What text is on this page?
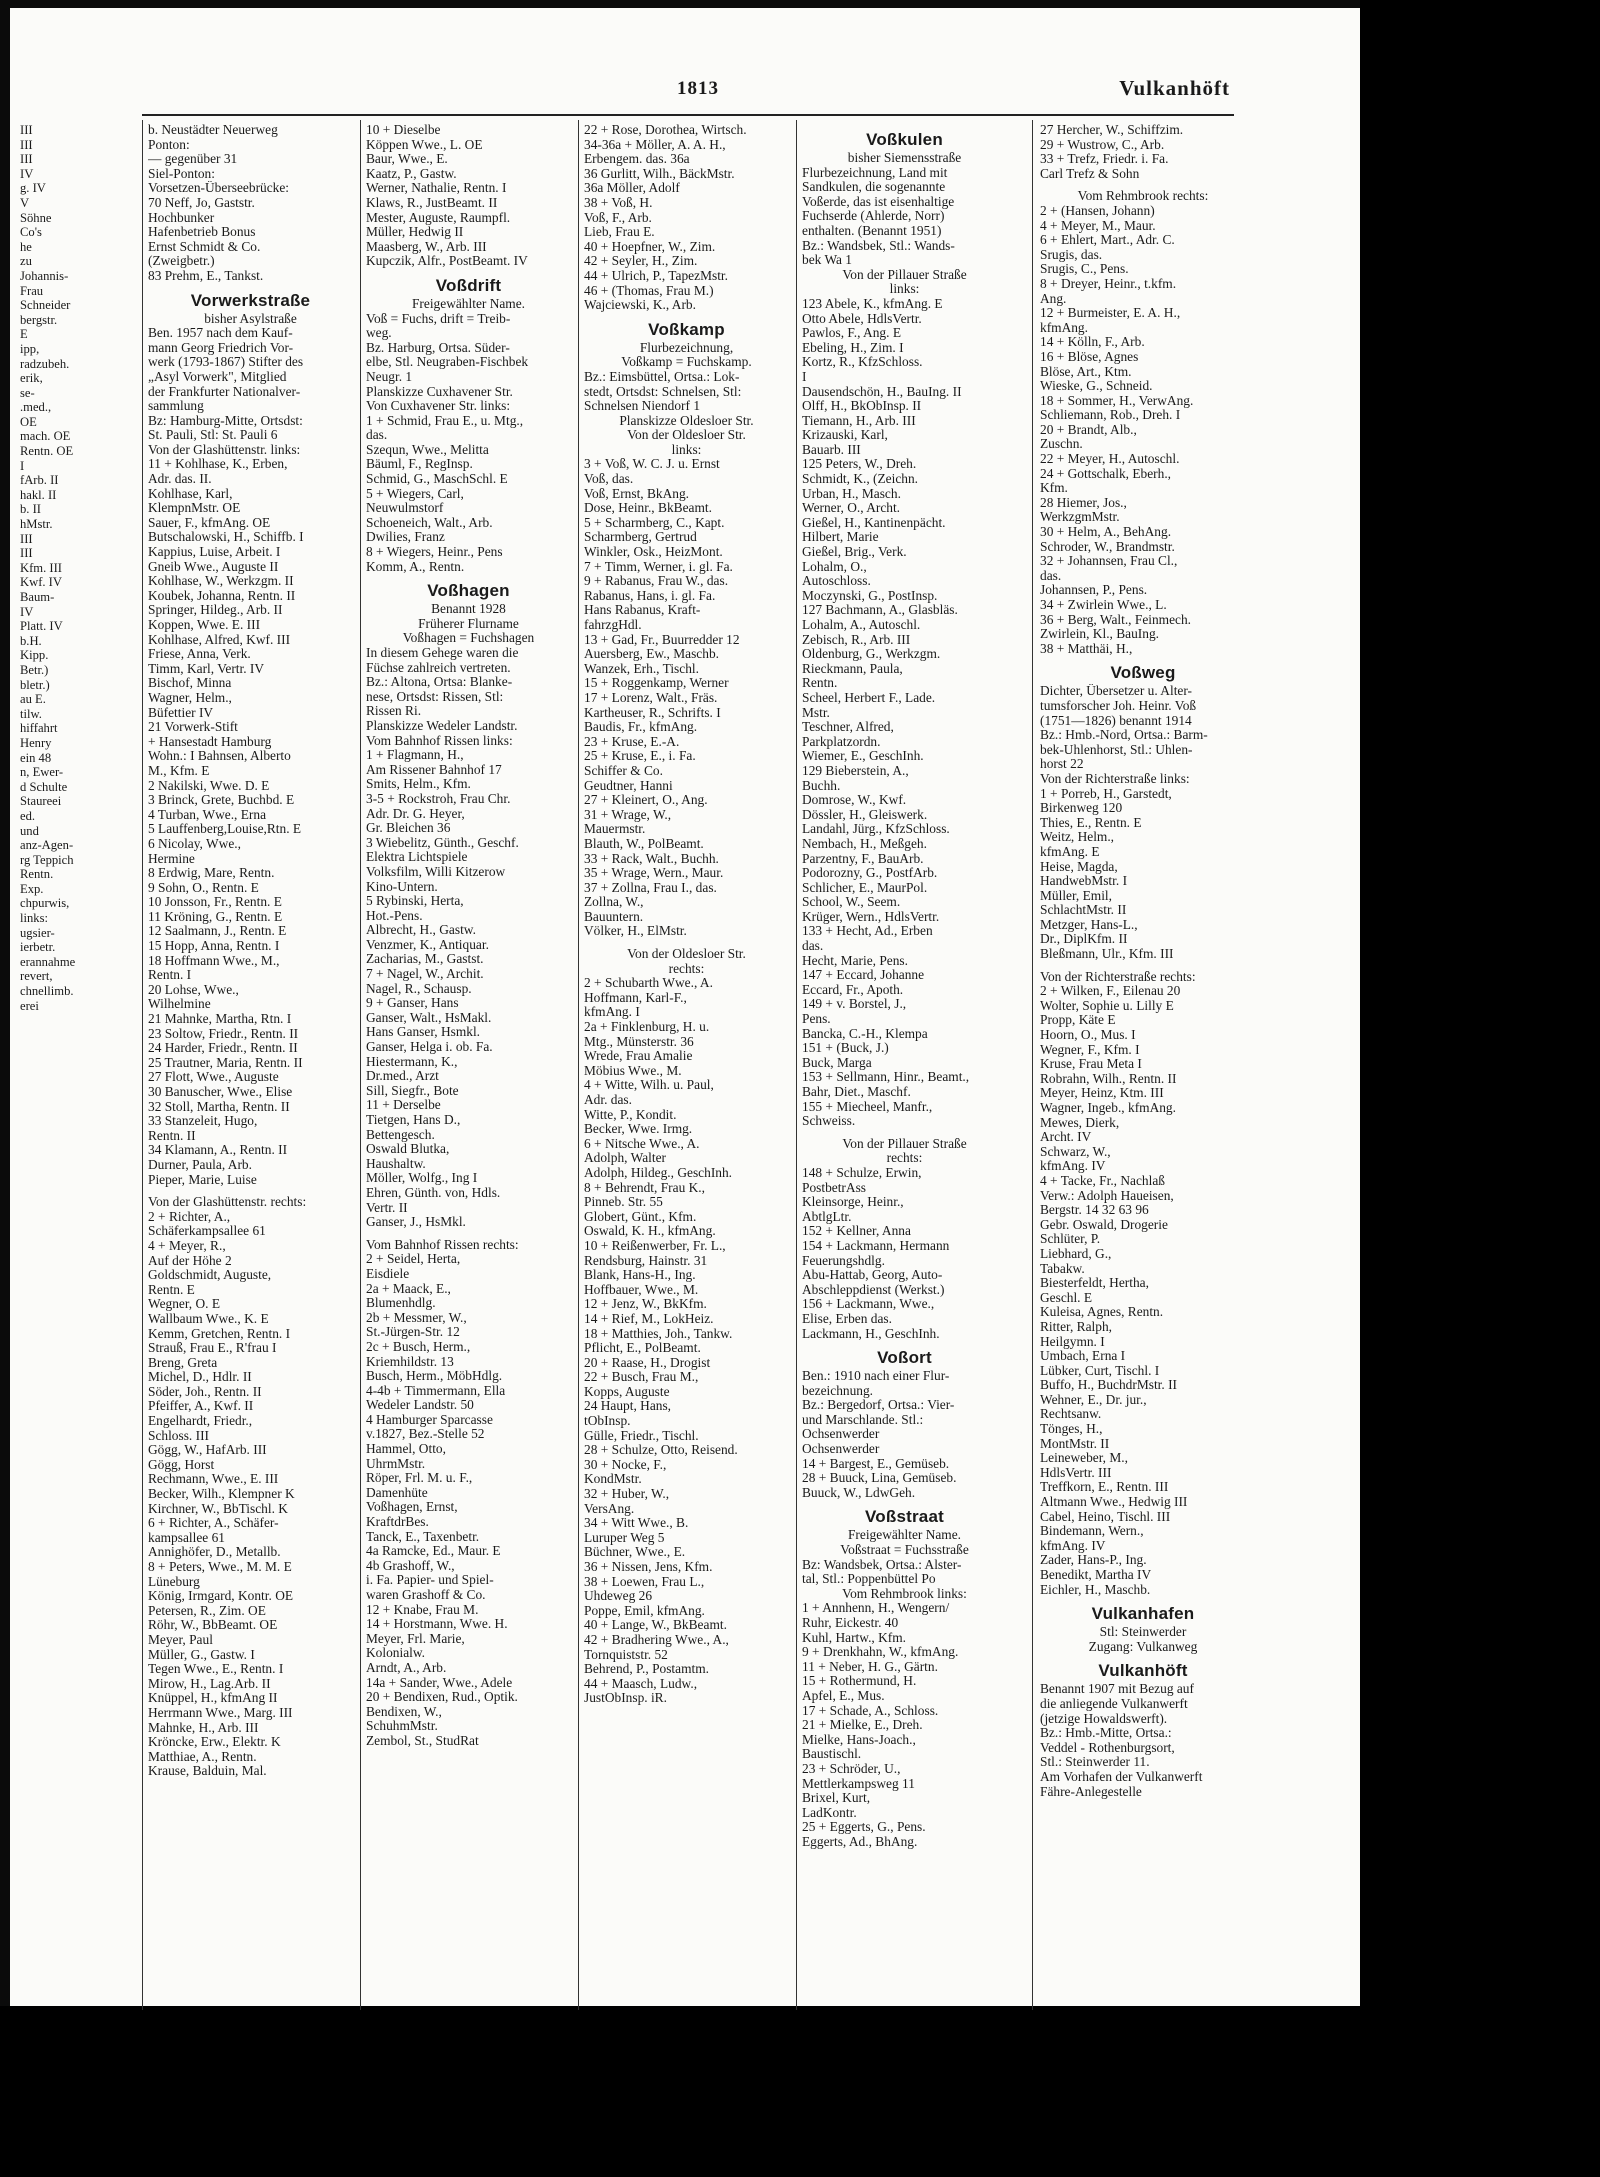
1813	Vulkanhöft
III
III
III
IV
g. IV
V
Söhne
Co's
he
zu
Johannis-
Frau
Schneider
bergstr.
E
ipp,
radzubeh.
erik,
se-
.med.,
OE
mach. OE
Rentn. OE
I
fArb. II
hakl. II
b. II
hMstr.
III
III
Kfm. III
Kwf. IV
Baum-
IV
Platt. IV
b.H.
Kipp.
Betr.)
bletr.)
au E.
tilw.
hiffahrt
Henry
ein 48
n, Ewer-
d Schulte
Staureei
ed.
und
anz-Agen-
rg Teppich
Rentn.
Exp.
chpurwis,
links:
ugsier-
ierbetr.
erannahme
revert,
chnellimb.
erei
b. Neustädter Neuerweg
Ponton:
— gegenüber 31
Siel-Ponton:
Vorsetzen-Überseebrücke:
70 Neff, Jo, Gaststr.
Hochbunker
Hafenbetrieb Bonus
Ernst Schmidt & Co.
(Zweigbetr.)
83 Prehm, E., Tankst.
Vorwerkstraße
bisher Asylstraße
Ben. 1957 nach dem Kauf-
mann Georg Friedrich Vor-
werk (1793-1867) Stifter des
„Asyl Vorwerk", Mitglied
der Frankfurter Nationalver-
sammlung
Bz: Hamburg-Mitte, Ortsdst:
St. Pauli, Stl: St. Pauli 6
Von der Glashüttenstr. links:
11 + Kohlhase, K., Erben,
Adr. das. II.
Kohlhase, Karl,
KlempnMstr. OE
Sauer, F., kfmAng. OE
Butschalowski, H., Schiffb. I
Kappius, Luise, Arbeit. I
Gneib Wwe., Auguste II
Kohlhase, W., Werkzgm. II
Koubek, Johanna, Rentn. II
Springer, Hildeg., Arb. II
Koppen, Wwe. E. III
Kohlhase, Alfred, Kwf. III
Friese, Anna, Verk.
Timm, Karl, Vertr. IV
Bischof, Minna
Wagner, Helm.,
Büfettier IV
21 Vorwerk-Stift
+ Hansestadt Hamburg
Wohn.: I Bahnsen, Alberto
M., Kfm. E
2 Nakilski, Wwe. D. E
3 Brinck, Grete, Buchbd. E
4 Turban, Wwe., Erna
5 Lauffenberg,Louise,Rtn. E
6 Nicolay, Wwe.,
Hermine
8 Erdwig, Mare, Rentn.
9 Sohn, O., Rentn. E
10 Jonsson, Fr., Rentn. E
11 Kröning, G., Rentn. E
12 Saalmann, J., Rentn. E
15 Hopp, Anna, Rentn. I
18 Hoffmann Wwe., M.,
Rentn. I
20 Lohse, Wwe.,
Wilhelmine
21 Mahnke, Martha, Rtn. I
23 Soltow, Friedr., Rentn. II
24 Harder, Friedr., Rentn. II
25 Trautner, Maria, Rentn. II
27 Flott, Wwe., Auguste
30 Banuscher, Wwe., Elise
32 Stoll, Martha, Rentn. II
33 Stanzeleit, Hugo,
Rentn. II
34 Klamann, A., Rentn. II
Durner, Paula, Arb.
Pieper, Marie, Luise
Von der Glashüttenstr. rechts:
2 + Richter, A.,
Schäferkampsallee 61
4 + Meyer, R.,
Auf der Höhe 2
Goldschmidt, Auguste,
Rentn. E
Wegner, O. E
Wallbaum Wwe., K. E
Kemm, Gretchen, Rentn. I
Strauß, Frau E., R'frau I
Breng, Greta
Michel, D., Hdlr. II
Söder, Joh., Rentn. II
Pfeiffer, A., Kwf. II
Engelhardt, Friedr.,
Schloss. III
Gögg, W., HafArb. III
Gögg, Horst
Rechmann, Wwe., E. III
Becker, Wilh., Klempner K
Kirchner, W., BbTischl. K
6 + Richter, A., Schäfer-
kampsallee 61
Annighöfer, D., Metallb.
8 + Peters, Wwe., M. M. E
Lüneburg
König, Irmgard, Kontr. OE
Petersen, R., Zim. OE
Röhr, W., BbBeamt. OE
Meyer, Paul
Müller, G., Gastw. I
Tegen Wwe., E., Rentn. I
Mirow, H., Lag.Arb. II
Knüppel, H., kfmAng II
Herrmann Wwe., Marg. III
Mahnke, H., Arb. III
Kröncke, Erw., Elektr. K
Matthiae, A., Rentn.
Krause, Balduin, Mal.
10 + Dieselbe
Köppen Wwe., L. OE
Baur, Wwe., E.
Kaatz, P., Gastw.
Werner, Nathalie, Rentn. I
Klaws, R., JustBeamt. II
Mester, Auguste, Raumpfl.
Müller, Hedwig II
Maasberg, W., Arb. III
Kupczik, Alfr., PostBeamt. IV
Voßdrift
Freigewählter Name.
Voß = Fuchs, drift = Treib-
weg.
Bz. Harburg, Ortsa. Süder-
elbe, Stl. Neugraben-Fischbek
Neugr. 1
Planskizze Cuxhavener Str.
Von Cuxhavener Str. links:
1 + Schmid, Frau E., u. Mtg.,
das.
Szequn, Wwe., Melitta
Bäuml, F., RegInsp.
Schmid, G., MaschSchl. E
5 + Wiegers, Carl,
Neuwulmstorf
Schoeneich, Walt., Arb.
Dwilies, Franz
8 + Wiegers, Heinr., Pens
Komm, A., Rentn.
Voßhagen
Benannt 1928
Früherer Flurname
Voßhagen = Fuchshagen
In diesem Gehege waren die
Füchse zahlreich vertreten.
Bz.: Altona, Ortsa: Blanke-
nese, Ortsdst: Rissen, Stl:
Rissen Ri.
Planskizze Wedeler Landstr.
Vom Bahnhof Rissen links:
1 + Flagmann, H.,
Am Rissener Bahnhof 17
Smits, Helm., Kfm.
3-5 + Rockstroh, Frau Chr.
Adr. Dr. G. Heyer,
Gr. Bleichen 36
3 Wiebelitz, Günth., Geschf.
Elektra Lichtspiele
Volksfilm, Willi Kitzerow
Kino-Untern.
5 Rybinski, Herta,
Hot.-Pens.
Albrecht, H., Gastw.
Venzmer, K., Antiquar.
Zacharias, M., Gastst.
7 + Nagel, W., Archit.
Nagel, R., Schausp.
9 + Ganser, Hans
Ganser, Walt., HsMakl.
Hans Ganser, Hsmkl.
Ganser, Helga i. ob. Fa.
Hiestermann, K.,
Dr.med., Arzt
Sill, Siegfr., Bote
11 + Derselbe
Tietgen, Hans D.,
Bettengesch.
Oswald Blutka,
Haushaltw.
Möller, Wolfg., Ing I
Ehren, Günth. von, Hdls.
Vertr. II
Ganser, J., HsMkl.
Vom Bahnhof Rissen rechts:
2 + Seidel, Herta,
Eisdiele
2a + Maack, E.,
Blumenhdlg.
2b + Messmer, W.,
St.-Jürgen-Str. 12
2c + Busch, Herm.,
Kriemhildstr. 13
Busch, Herm., MöbHdlg.
4-4b + Timmermann, Ella
Wedeler Landstr. 50
4 Hamburger Sparcasse
v.1827, Bez.-Stelle 52
Hammel, Otto,
UhrmMstr.
Röper, Frl. M. u. F.,
Damenhüte
Voßhagen, Ernst,
KraftdrBes.
Tanck, E., Taxenbetr.
4a Ramcke, Ed., Maur. E
4b Grashoff, W.,
i. Fa. Papier- und Spiel-
waren Grashoff & Co.
12 + Knabe, Frau M.
14 + Horstmann, Wwe. H.
Meyer, Frl. Marie,
Kolonialw.
Arndt, A., Arb.
14a + Sander, Wwe., Adele
20 + Bendixen, Rud., Optik.
Bendixen, W.,
SchuhmMstr.
Zembol, St., StudRat
22 + Rose, Dorothea, Wirtsch.
34-36a + Möller, A. A. H.,
Erbengem. das. 36a
36 Gurlitt, Wilh., BäckMstr.
36a Möller, Adolf
38 + Voß, H.
Voß, F., Arb.
Lieb, Frau E.
40 + Hoepfner, W., Zim.
42 + Seyler, H., Zim.
44 + Ulrich, P., TapezMstr.
46 + (Thomas, Frau M.)
Wajciewski, K., Arb.
Voßkamp
Flurbezeichnung,
Voßkamp = Fuchskamp.
Bz.: Eimsbüttel, Ortsa.: Lok-
stedt, Ortsdst: Schnelsen, Stl:
Schnelsen Niendorf 1
Planskizze Oldesloer Str.
Von der Oldesloer Str.
links:
3 + Voß, W. C. J. u. Ernst
Voß, das.
Voß, Ernst, BkAng.
Dose, Heinr., BkBeamt.
5 + Scharmberg, C., Kapt.
Scharmberg, Gertrud
Winkler, Osk., HeizMont.
7 + Timm, Werner, i. gl. Fa.
9 + Rabanus, Frau W., das.
Rabanus, Hans, i. gl. Fa.
Hans Rabanus, Kraft-
fahrzgHdl.
13 + Gad, Fr., Buurredder 12
Auersberg, Ew., Maschb.
Wanzek, Erh., Tischl.
15 + Roggenkamp, Werner
17 + Lorenz, Walt., Fräs.
Kartheuser, R., Schrifts. I
Baudis, Fr., kfmAng.
23 + Kruse, E.-A.
25 + Kruse, E., i. Fa.
Schiffer & Co.
Geudtner, Hanni
27 + Kleinert, O., Ang.
31 + Wrage, W.,
Mauermstr.
Blauth, W., PolBeamt.
33 + Rack, Walt., Buchh.
35 + Wrage, Wern., Maur.
37 + Zollna, Frau I., das.
Zollna, W.,
Bauuntern.
Völker, H., ElMstr.
Von der Oldesloer Str.
rechts:
2 + Schubarth Wwe., A.
Hoffmann, Karl-F.,
kfmAng. I
2a + Finklenburg, H. u.
Mtg., Münsterstr. 36
Wrede, Frau Amalie
Möbius Wwe., M.
4 + Witte, Wilh. u. Paul,
Adr. das.
Witte, P., Kondit.
Becker, Wwe. Irmg.
6 + Nitsche Wwe., A.
Adolph, Walter
Adolph, Hildeg., GeschInh.
8 + Behrendt, Frau K.,
Pinneb. Str. 55
Globert, Günt., Kfm.
Oswald, K. H., kfmAng.
10 + Reißenwerber, Fr. L.,
Rendsburg, Hainstr. 31
Blank, Hans-H., Ing.
Hoffbauer, Wwe., M.
12 + Jenz, W., BkKfm.
14 + Rief, M., LokHeiz.
18 + Matthies, Joh., Tankw.
Pflicht, E., PolBeamt.
20 + Raase, H., Drogist
22 + Busch, Frau M.,
Kopps, Auguste
24 Haupt, Hans,
tObInsp.
Gülle, Friedr., Tischl.
28 + Schulze, Otto, Reisend.
30 + Nocke, F.,
KondMstr.
32 + Huber, W.,
VersAng.
34 + Witt Wwe., B.
Luruper Weg 5
Büchner, Wwe., E.
36 + Nissen, Jens, Kfm.
38 + Loewen, Frau L.,
Uhdeweg 26
Poppe, Emil, kfmAng.
40 + Lange, W., BkBeamt.
42 + Bradhering Wwe., A.,
Tornquiststr. 52
Behrend, P., Postamtm.
44 + Maasch, Ludw.,
JustObInsp. iR.
Voßkulen
bisher Siemensstraße
Flurbezeichnung, Land mit
Sandkulen, die sogenannte
Voßerde, das ist eisenhaltige
Fuchserde (Ahlerde, Norr)
enthalten. (Benannt 1951)
Bz.: Wandsbek, Stl.: Wands-
bek Wa 1
Von der Pillauer Straße
links:
123 Abele, K., kfmAng. E
Otto Abele, HdlsVertr.
Pawlos, F., Ang. E
Ebeling, H., Zim. I
Kortz, R., KfzSchloss.
I
Dausendschön, H., BauIng. II
Olff, H., BkObInsp. II
Tiemann, H., Arb. III
Krizauski, Karl,
Bauarb. III
125 Peters, W., Dreh.
Schmidt, K., (Zeichn.
Urban, H., Masch.
Werner, O., Archt.
Gießel, H., Kantinenpächt.
Hilbert, Marie
Gießel, Brig., Verk.
Lohalm, O.,
Autoschloss.
Moczynski, G., PostInsp.
127 Bachmann, A., Glasbläs.
Lohalm, A., Autoschl.
Zebisch, R., Arb. III
Oldenburg, G., Werkzgm.
Rieckmann, Paula,
Rentn.
Scheel, Herbert F., Lade.
Mstr.
Teschner, Alfred,
Parkplatzordn.
Wiemer, E., GeschInh.
129 Bieberstein, A.,
Buchh.
Domrose, W., Kwf.
Dössler, H., Gleiswerk.
Landahl, Jürg., KfzSchloss.
Nembach, H., Meßgeh.
Parzentny, F., BauArb.
Podorozny, G., PostfArb.
Schlicher, E., MaurPol.
School, W., Seem.
Krüger, Wern., HdlsVertr.
133 + Hecht, Ad., Erben
das.
Hecht, Marie, Pens.
147 + Eccard, Johanne
Eccard, Fr., Apoth.
149 + v. Borstel, J.,
Pens.
Bancka, C.-H., Klempa
151 + (Buck, J.)
Buck, Marga
153 + Sellmann, Hinr., Beamt.,
Bahr, Diet., Maschf.
155 + Miecheel, Manfr.,
Schweiss.
Von der Pillauer Straße
rechts:
148 + Schulze, Erwin,
PostbetrAss
Kleinsorge, Heinr.,
AbtlgLtr.
152 + Kellner, Anna
154 + Lackmann, Hermann
Feuerungshdlg.
Abu-Hattab, Georg, Auto-
Abschleppdienst (Werkst.)
156 + Lackmann, Wwe.,
Elise, Erben das.
Lackmann, H., GeschInh.
Voßort
Ben.: 1910 nach einer Flur-
bezeichnung.
Bz.: Bergedorf, Ortsa.: Vier-
und Marschlande. Stl.:
Ochsenwerder
Ochsenwerder
14 + Bargest, E., Gemüseb.
28 + Buuck, Lina, Gemüseb.
Buuck, W., LdwGeh.
Voßstraat
Freigewählter Name.
Voßstraat = Fuchsstraße
Bz: Wandsbek, Ortsa.: Alster-
tal, Stl.: Poppenbüttel Po
Vom Rehmbrook links:
1 + Annhenn, H., Wengern/
Ruhr, Eickestr. 40
Kuhl, Hartw., Kfm.
9 + Drenkhahn, W., kfmAng.
11 + Neber, H. G., Gärtn.
15 + Rothermund, H.
Apfel, E., Mus.
17 + Schade, A., Schloss.
21 + Mielke, E., Dreh.
Mielke, Hans-Joach.,
Baustischl.
23 + Schröder, U.,
Mettlerkampsweg 11
Brixel, Kurt,
LadKontr.
25 + Eggerts, G., Pens.
Eggerts, Ad., BhAng.
27 Hercher, W., Schiffzim.
29 + Wustrow, C., Arb.
33 + Trefz, Friedr. i. Fa.
Carl Trefz & Sohn
Vom Rehmbrook rechts:
2 + (Hansen, Johann)
4 + Meyer, M., Maur.
6 + Ehlert, Mart., Adr. C.
Srugis, das.
Srugis, C., Pens.
8 + Dreyer, Heinr., t.kfm.
Ang.
12 + Burmeister, E. A. H.,
kfmAng.
14 + Kölln, F., Arb.
16 + Blöse, Agnes
Blöse, Art., Ktm.
Wieske, G., Schneid.
18 + Sommer, H., VerwAng.
Schliemann, Rob., Dreh. I
20 + Brandt, Alb.,
Zuschn.
22 + Meyer, H., Autoschl.
24 + Gottschalk, Eberh.,
Kfm.
28 Hiemer, Jos.,
WerkzgmMstr.
30 + Helm, A., BehAng.
Schroder, W., Brandmstr.
32 + Johannsen, Frau Cl.,
das.
Johannsen, P., Pens.
34 + Zwirlein Wwe., L.
36 + Berg, Walt., Feinmech.
Zwirlein, Kl., BauIng.
38 + Matthäi, H.,
Voßweg
Dichter, Übersetzer u. Alter-
tumsforscher Joh. Heinr. Voß
(1751—1826) benannt 1914
Bz.: Hmb.-Nord, Ortsa.: Barm-
bek-Uhlenhorst, Stl.: Uhlen-
horst 22
Von der Richterstraße links:
1 + Porreb, H., Garstedt,
Birkenweg 120
Thies, E., Rentn. E
Weitz, Helm.,
kfmAng. E
Heise, Magda,
HandwebMstr. I
Müller, Emil,
SchlachtMstr. II
Metzger, Hans-L.,
Dr., DiplKfm. II
Bleßmann, Ulr., Kfm. III
Von der Richterstraße rechts:
2 + Wilken, F., Eilenau 20
Wolter, Sophie u. Lilly E
Propp, Käte E
Hoorn, O., Mus. I
Wegner, F., Kfm. I
Kruse, Frau Meta I
Robrahn, Wilh., Rentn. II
Meyer, Heinz, Ktm. III
Wagner, Ingeb., kfmAng.
Mewes, Dierk,
Archt. IV
Schwarz, W.,
kfmAng. IV
4 + Tacke, Fr., Nachlaß
Verw.: Adolph Haueisen,
Bergstr. 14 32 63 96
Gebr. Oswald, Drogerie
Schlüter, P.
Liebhard, G.,
Tabakw.
Biesterfeldt, Hertha,
Geschl. E
Kuleisa, Agnes, Rentn.
Ritter, Ralph,
Heilgymn. I
Umbach, Erna I
Lübker, Curt, Tischl. I
Buffo, H., BuchdrMstr. II
Wehner, E., Dr. jur.,
Rechtsanw.
Tönges, H.,
MontMstr. II
Leineweber, M.,
HdlsVertr. III
Treffkorn, E., Rentn. III
Altmann Wwe., Hedwig III
Cabel, Heino, Tischl. III
Bindemann, Wern.,
kfmAng. IV
Zader, Hans-P., Ing.
Benedikt, Martha IV
Eichler, H., Maschb.
Vulkanhafen
Stl: Steinwerder
Zugang: Vulkanweg
Vulkanhöft
Benannt 1907 mit Bezug auf
die anliegende Vulkanwerft
(jetzige Howaldswerft).
Bz.: Hmb.-Mitte, Ortsa.:
Veddel - Rothenburgsort,
Stl.: Steinwerder 11.
Am Vorhafen der Vulkanwerft
Fähre-Anlegestelle
